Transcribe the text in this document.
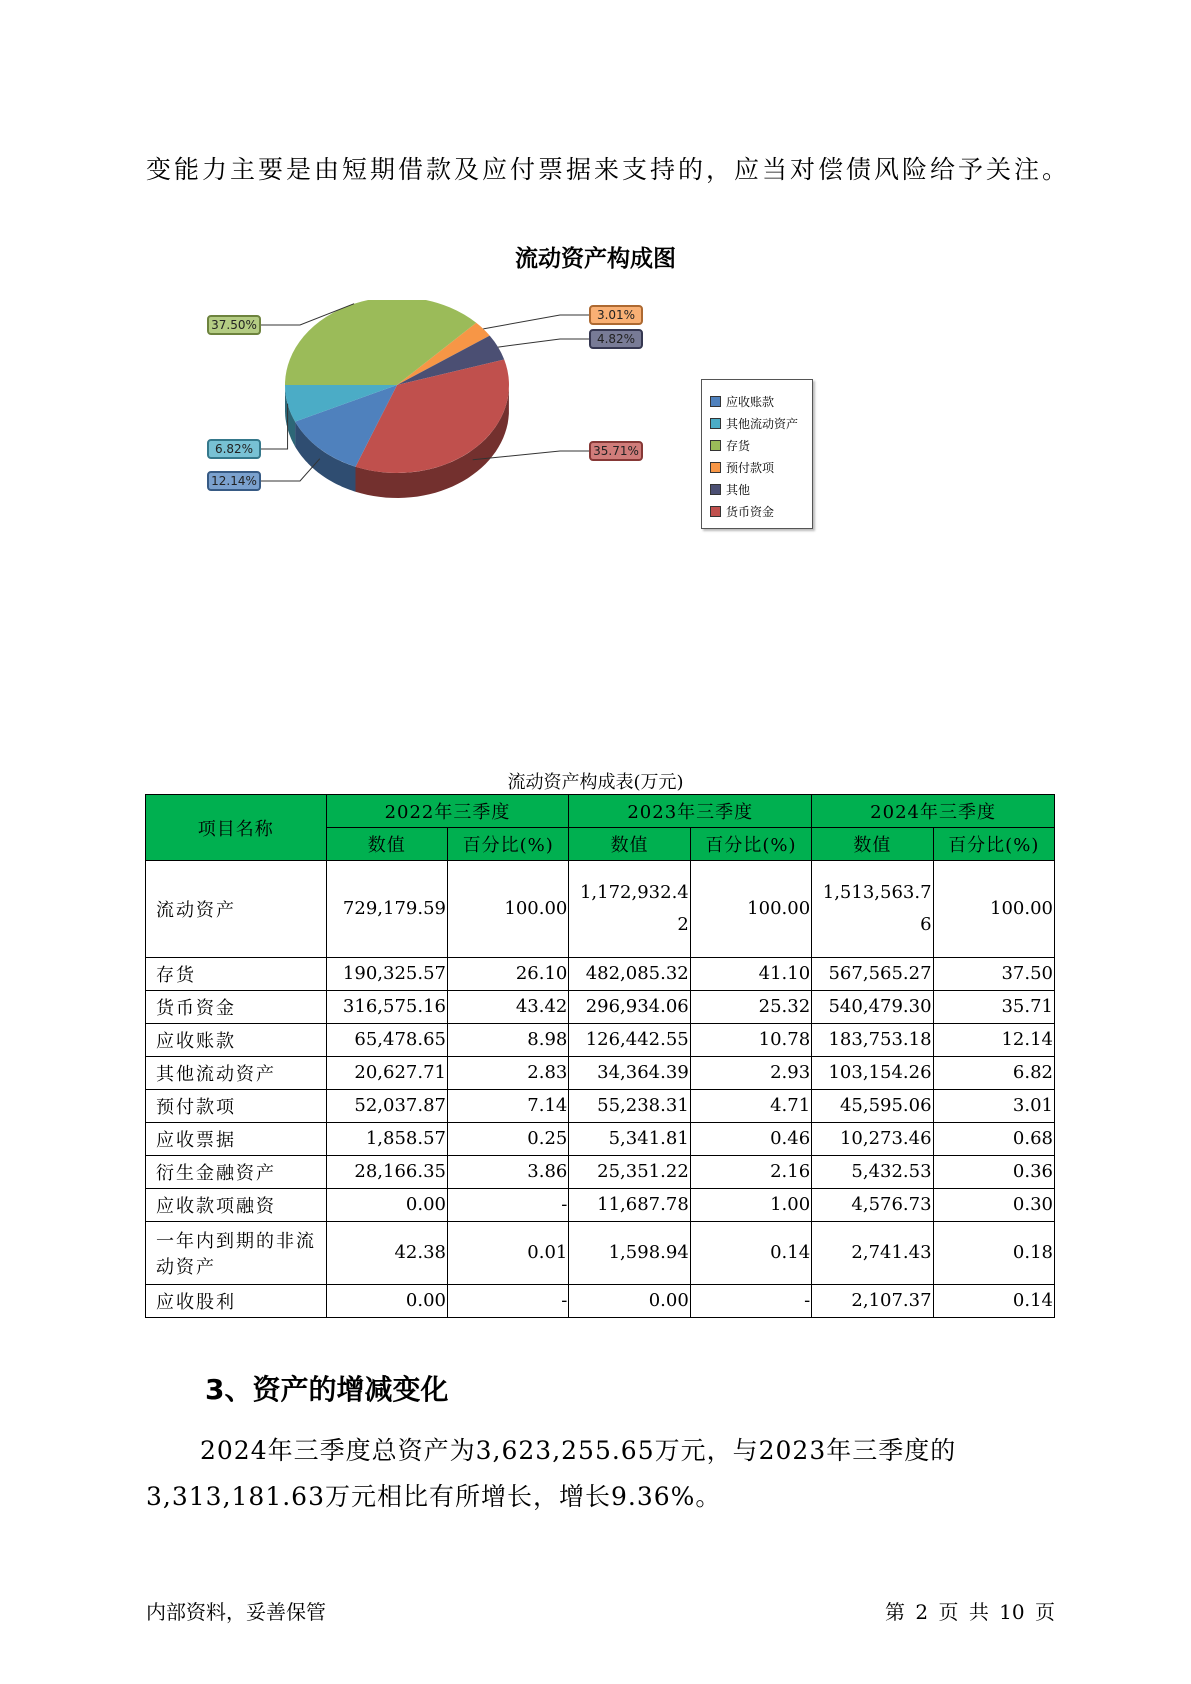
变能力主要是由短期借款及应付票据来支持的，应当对偿债风险给予关注。
流动资产构成图
12.14%
6.82%
37.50%
3.01%
4.82%
35.71%
应收账款
其他流动资产
存货
预付款项
其他
货币资金
流动资产构成表(万元)
项目名称	2022年三季度		2023年三季度		2024年三季度	
	数值	百分比(%)	数值	百分比(%)	数值	百分比(%)
流动资产	729,179.59	100.00	1,172,932.42	100.00	1,513,563.76	100.00
存货	190,325.57	26.10	482,085.32	41.10	567,565.27	37.50
货币资金	316,575.16	43.42	296,934.06	25.32	540,479.30	35.71
应收账款	65,478.65	8.98	126,442.55	10.78	183,753.18	12.14
其他流动资产	20,627.71	2.83	34,364.39	2.93	103,154.26	6.82
预付款项	52,037.87	7.14	55,238.31	4.71	45,595.06	3.01
应收票据	1,858.57	0.25	5,341.81	0.46	10,273.46	0.68
衍生金融资产	28,166.35	3.86	25,351.22	2.16	5,432.53	0.36
应收款项融资	0.00	-	11,687.78	1.00	4,576.73	0.30
一年内到期的非流动资产	42.38	0.01	1,598.94	0.14	2,741.43	0.18
应收股利	0.00	-	0.00	-	2,107.37	0.14
3、资产的增减变化
2024年三季度总资产为3,623,255.65万元，与2023年三季度的
3,313,181.63万元相比有所增长，增长9.36%。
内部资料，妥善保管	第 2 页 共 10 页
